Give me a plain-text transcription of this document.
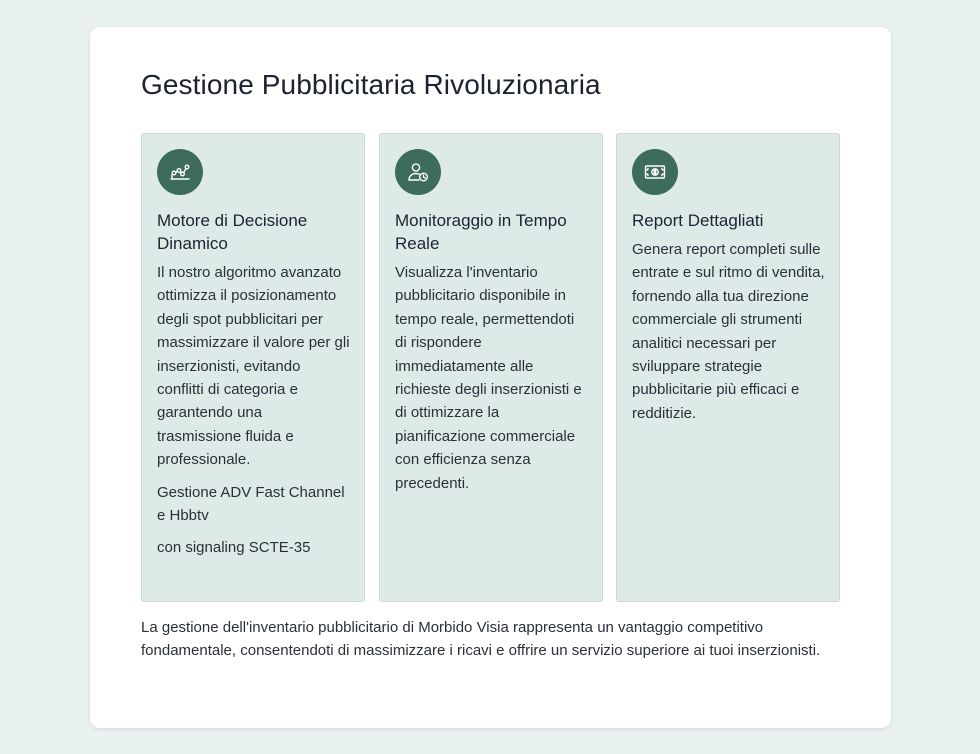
Gestione Pubblicitaria Rivoluzionaria
Motore di Decisione Dinamico

Il nostro algoritmo avanzato ottimizza il posizionamento degli spot pubblicitari per massimizzare il valore per gli inserzionisti, evitando conflitti di categoria e garantendo una trasmissione fluida e professionale.

Gestione ADV Fast Channel e Hbbtv

con signaling SCTE-35

Monitoraggio in Tempo Reale

Visualizza l'inventario pubblicitario disponibile in tempo reale, permettendoti di rispondere immediatamente alle richieste degli inserzionisti e di ottimizzare la pianificazione commerciale con efficienza senza precedenti.

Report Dettagliati

Genera report completi sulle entrate e sul ritmo di vendita, fornendo alla tua direzione commerciale gli strumenti analitici necessari per sviluppare strategie pubblicitarie più efficaci e redditizie.

La gestione dell'inventario pubblicitario di Morbido Visia rappresenta un vantaggio competitivo fondamentale, consentendoti di massimizzare i ricavi e offrire un servizio superiore ai tuoi inserzionisti.
